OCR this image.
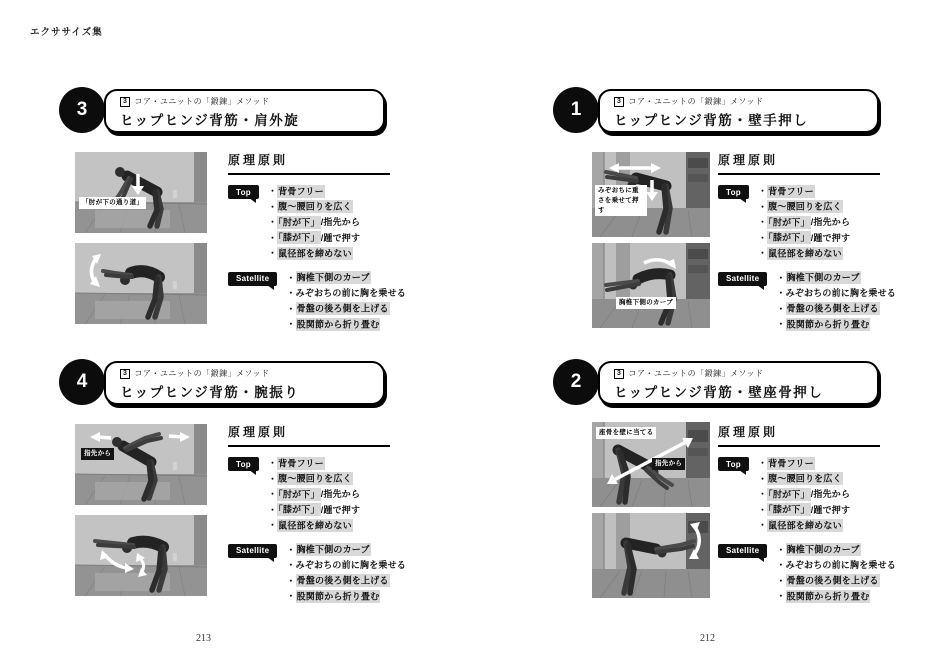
エクササイズ集
3	3 コア・ユニットの「鍛錬」メソッド
ヒップヒンジ背筋・肩外旋
「肘が下の通り道」
原理原則
Top	・背骨フリー
・腹〜腰回りを広く
・「肘が下」/指先から
・「膝が下」/踵で押す
・鼠径部を締めない
Satellite	・胸椎下側のカーブ
・みぞおちの前に胸を乗せる
・骨盤の後ろ側を上げる
・股関節から折り畳む
4	3 コア・ユニットの「鍛錬」メソッド
ヒップヒンジ背筋・腕振り
指先から
原理原則
Top	・背骨フリー
・腹〜腰回りを広く
・「肘が下」/指先から
・「膝が下」/踵で押す
・鼠径部を締めない
Satellite	・胸椎下側のカーブ
・みぞおちの前に胸を乗せる
・骨盤の後ろ側を上げる
・股関節から折り畳む
213
1	3 コア・ユニットの「鍛錬」メソッド
ヒップヒンジ背筋・壁手押し
みぞおちに重さを乗せて押す
胸椎下側のカーブ
原理原則
Top	・背骨フリー
・腹〜腰回りを広く
・「肘が下」/指先から
・「膝が下」/踵で押す
・鼠径部を締めない
Satellite	・胸椎下側のカーブ
・みぞおちの前に胸を乗せる
・骨盤の後ろ側を上げる
・股関節から折り畳む
2	3 コア・ユニットの「鍛錬」メソッド
ヒップヒンジ背筋・壁座骨押し
座骨を壁に当てる
指先から
原理原則
Top	・背骨フリー
・腹〜腰回りを広く
・「肘が下」/指先から
・「膝が下」/踵で押す
・鼠径部を締めない
Satellite	・胸椎下側のカーブ
・みぞおちの前に胸を乗せる
・骨盤の後ろ側を上げる
・股関節から折り畳む
212
